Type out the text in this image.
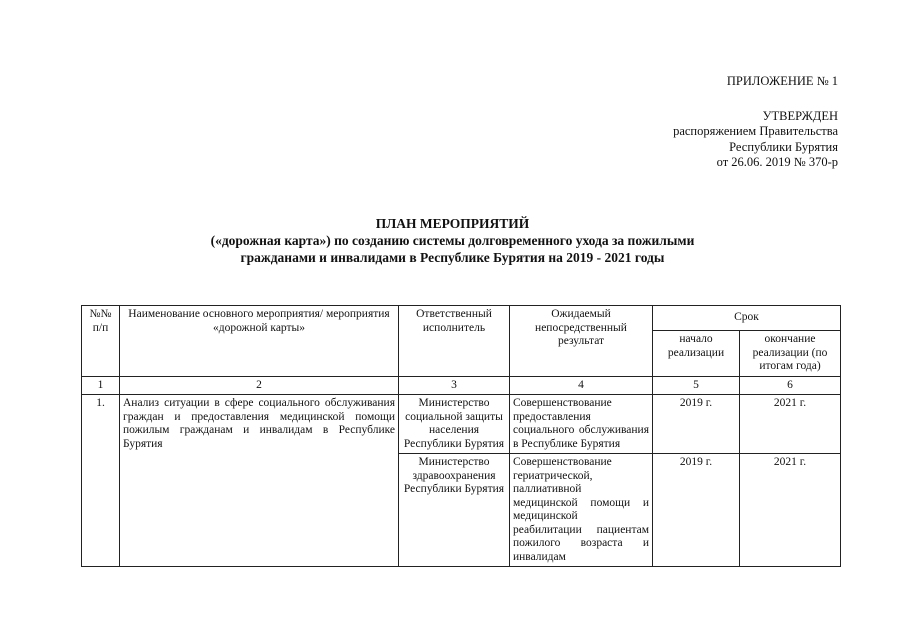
ПРИЛОЖЕНИЕ № 1
УТВЕРЖДЕН
распоряжением Правительства
Республики Бурятия
от 26.06. 2019 № 370-р
ПЛАН МЕРОПРИЯТИЙ
(«дорожная карта») по созданию системы долговременного ухода за пожилыми
гражданами и инвалидами в Республике Бурятия на 2019 - 2021 годы
№№ п/п	Наименование основного мероприятия/ мероприятия «дорожной карты»	Ответственный исполнитель	Ожидаемый непосредственный результат	Срок	
				начало реализации	окончание реализации (по итогам года)
1	2	3	4	5	6
1.	Анализ ситуации в сфере социального обслуживания граждан и предоставления медицинской помощи пожилым гражданам и инвалидам в Республике Бурятия	Министерство социальной защиты населения Республики Бурятия	Совершенствование предоставления социального обслуживания в Республике Бурятия	2019 г.	2021 г.
		Министерство здравоохранения Республики Бурятия	Совершенствование гериатрической, паллиативной медицинской помощи и медицинской реабилитации пациентам пожилого возраста и инвалидам	2019 г.	2021 г.
